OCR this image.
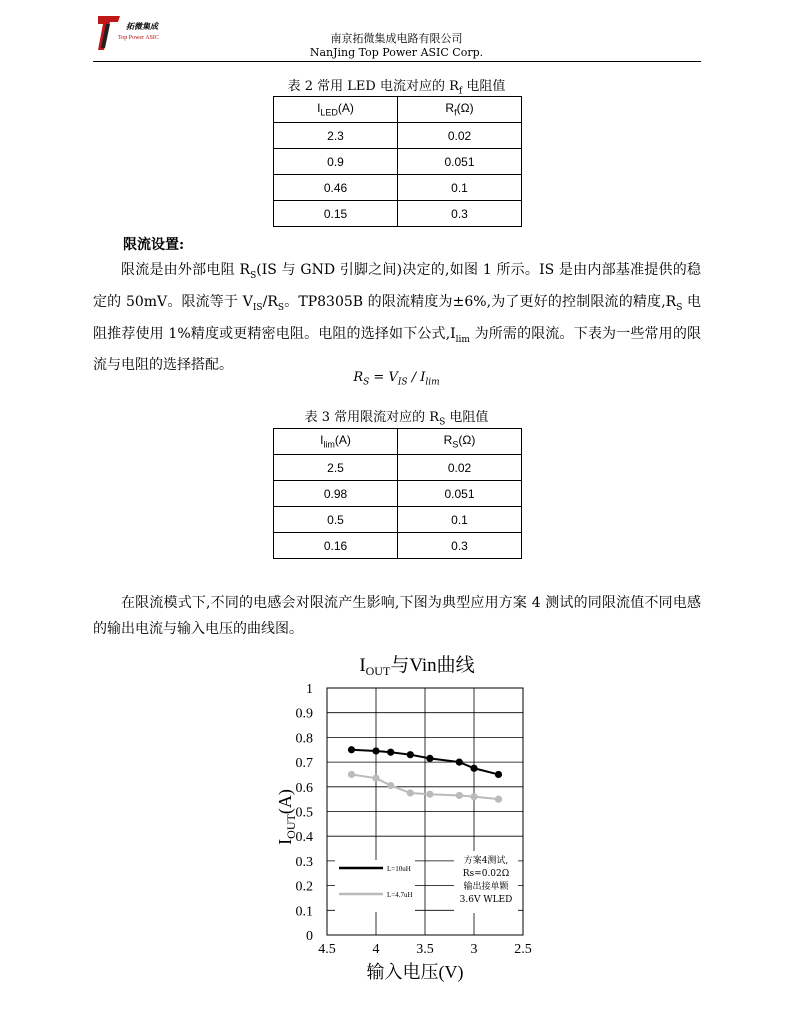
拓微集成
Top Power ASIC	南京拓微集成电路有限公司
NanJing Top Power ASIC Corp.
表 2 常用 LED 电流对应的 $R_f$ 电阻值
$I_{LED}(A)$	$R_f(\Omega)$
2.3	0.02
0.9	0.051
0.46	0.1
0.15	0.3
限流设置:
限流是由外部电阻 $R_S(IS$ 与 GND 引脚之间)决定的,如图 1 所示。IS 是由内部基准提供的稳定的 50mV。限流等于 $V_{IS}/R_S$。TP8305B 的限流精度为±6%,为了更好的控制限流的精度$,R_S$ 电阻推荐使用 1%精度或更精密电阻。电阻的选择如下公式$,I_{lim}$ 为所需的限流。下表为一些常用的限流与电阻的选择搭配。
$R_S = V_{IS} / I_{lim}$
表 3 常用限流对应的 $R_S$ 电阻值
$I_{lim}(A)$	$R_S(\Omega)$
2.5	0.02
0.98	0.051
0.5	0.1
0.16	0.3
在限流模式下,不同的电感会对限流产生影响,下图为典型应用方案 4 测试的同限流值不同电感的输出电流与输入电压的曲线图。
$I_{OUT}$与Vin曲线
输入电压(V)
$I_{OUT}(A)$
0
0.1
0.2
0.3
0.4
0.5
0.6
0.7
0.8
0.9
1
4.5	4	3.5	3	2.5
L=10uH
L=4.7uH
方案4测试,
Rs=0.02Ω
输出接单颗
3.6V WLED
